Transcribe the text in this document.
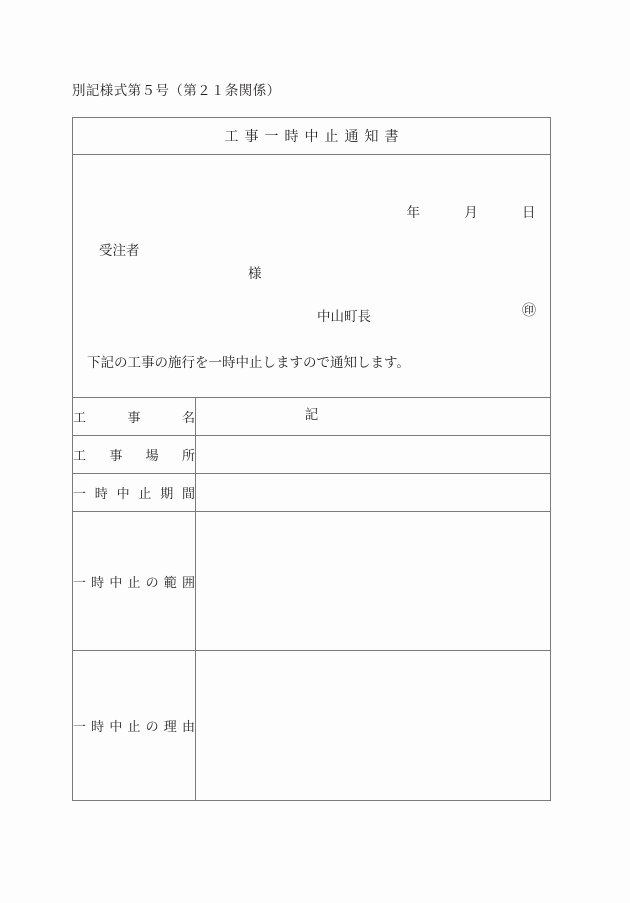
別記様式第５号（第２１条関係）
工事一時中止通知書	

年	月	日
受注者
様
中山町長	㊞
下記の工事の施行を一時中止しますので通知します。
記

工 事 名	

工 事 場 所	

一 時 中 止 期 間

一 時 中 止 の 範 囲

一 時 中 止 の 理 由
